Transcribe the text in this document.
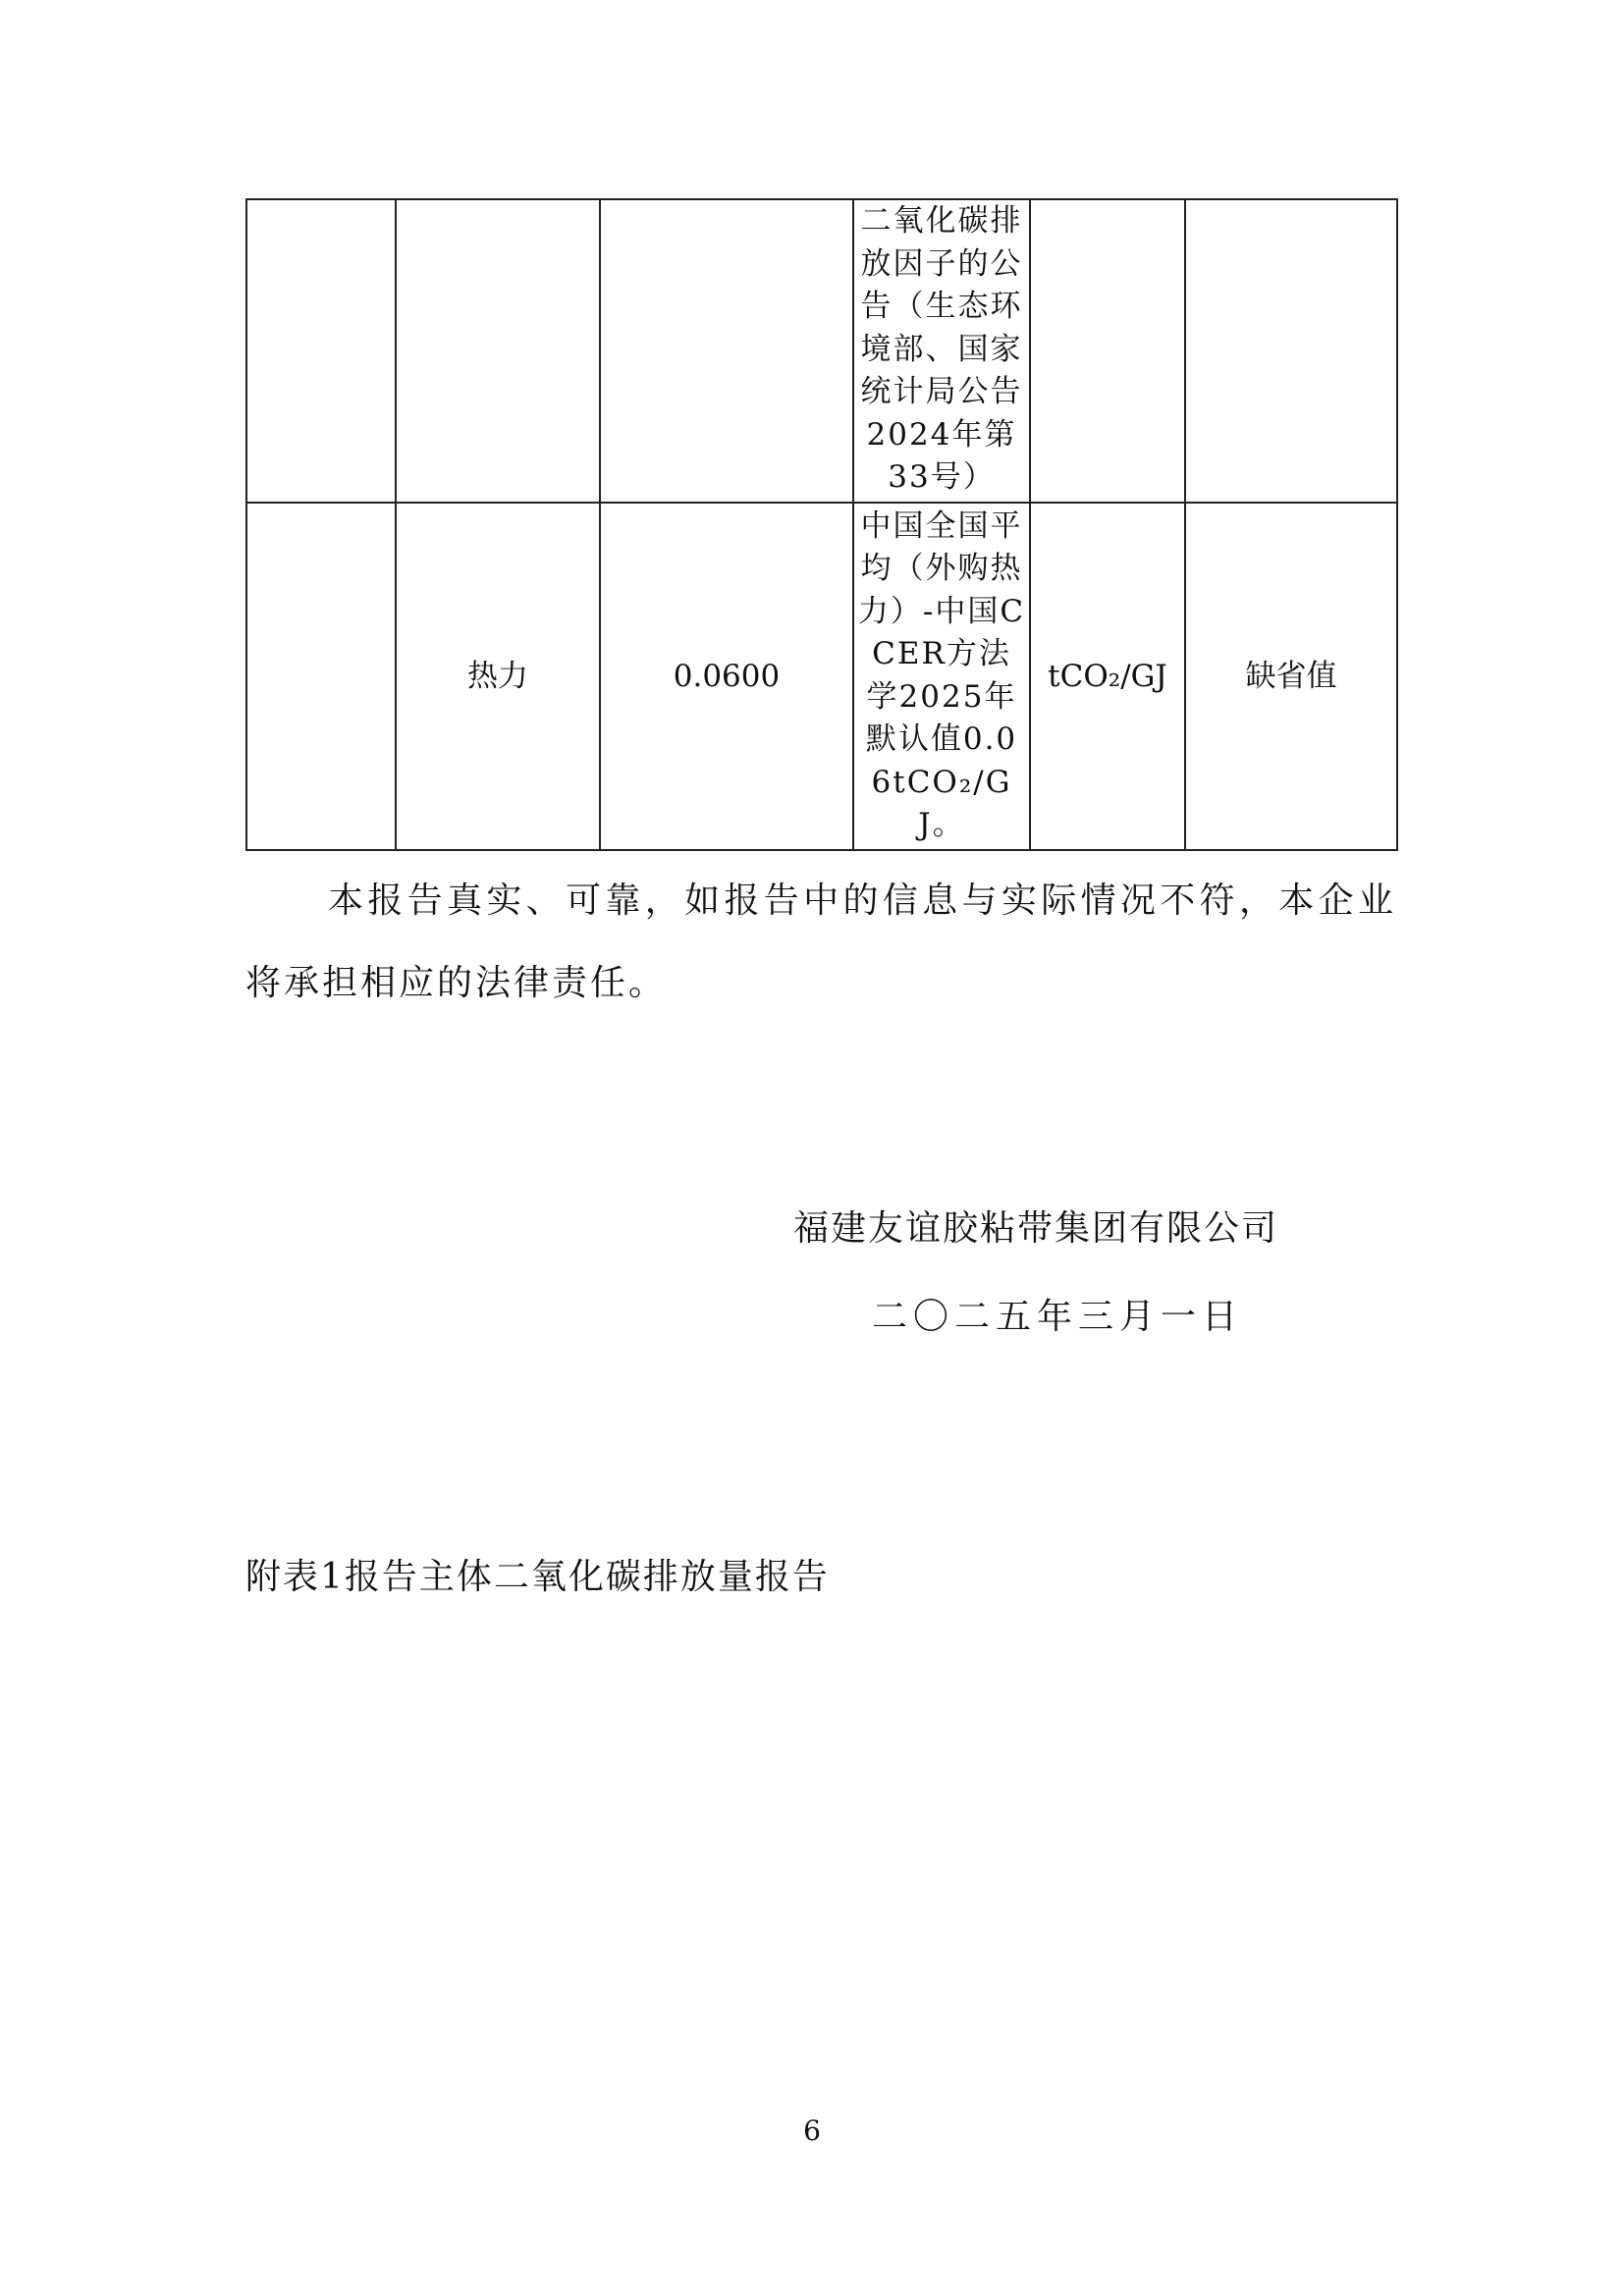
			二氧化碳排放因子的公告（生态环境部、国家统计局公告2024年第33号）		

	热力	0.0600	中国全国平均（外购热力）-中国CCER方法学2025年默认值0.06tCO₂/GJ。	tCO₂/GJ	缺省值

本报告真实、可靠，如报告中的信息与实际情况不符，本企业将承担相应的法律责任。

福建友谊胶粘带集团有限公司

二〇二五年三月一日

附表1报告主体二氧化碳排放量报告

6
